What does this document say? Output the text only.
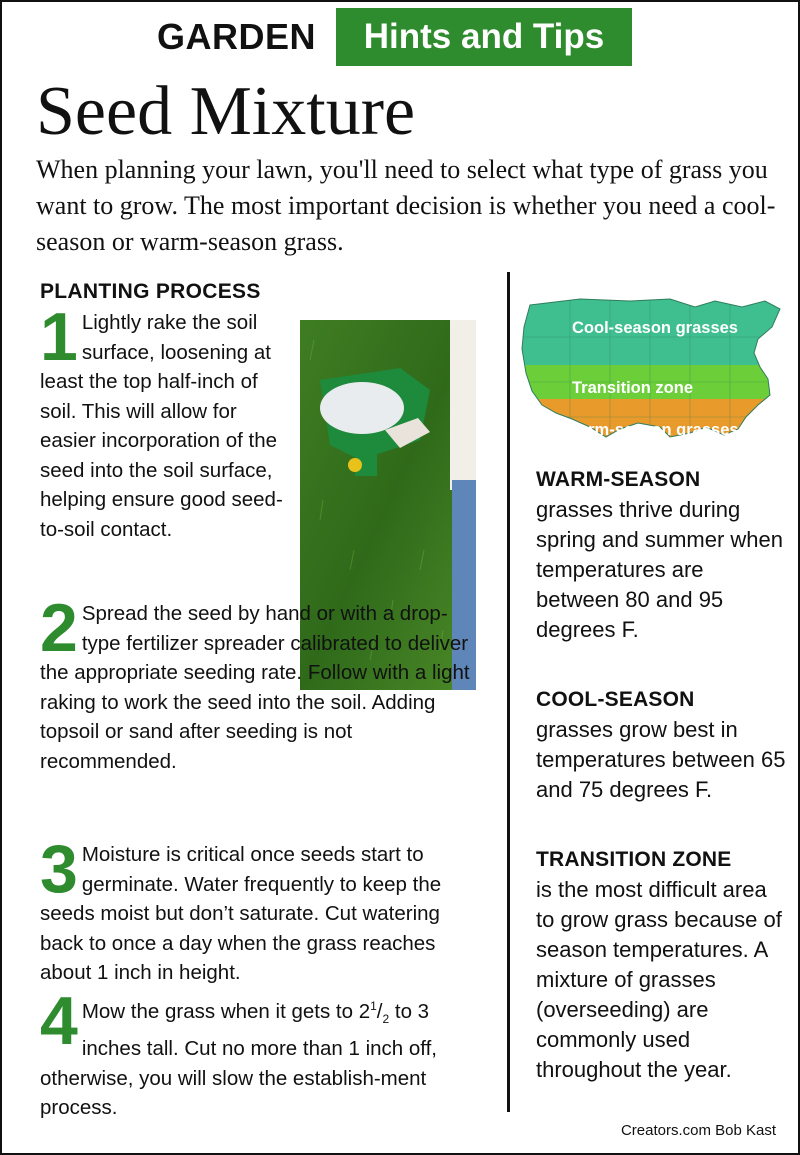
GARDEN	Hints and Tips
Seed Mixture

When planning your lawn, you'll need to select what type of grass you want to grow. The most important decision is whether you need a cool-season or warm-season grass.

PLANTING PROCESS
1 Lightly rake the soil surface, loosening at least the top half-inch of soil. This will allow for easier incorporation of the seed into the soil surface, helping ensure good seed-to-soil contact.
2 Spread the seed by hand or with a drop-type fertilizer spreader calibrated to deliver the appropriate seeding rate. Follow with a light raking to work the seed into the soil. Adding topsoil or sand after seeding is not recommended.
3 Moisture is critical once seeds start to germinate. Water frequently to keep the seeds moist but don’t saturate. Cut watering back to once a day when the grass reaches about 1 inch in height.
4 Mow the grass when it gets to $2^1/_2$ to 3 inches tall. Cut no more than 1 inch off, otherwise, you will slow the establish-ment process.
Cool-season grasses
Transition zone
Warm-season grasses
WARM-SEASON
grasses thrive during spring and summer when temperatures are between 80 and 95 degrees F.
COOL-SEASON
grasses grow best in temperatures between 65 and 75 degrees F.
TRANSITION ZONE
is the most difficult area to grow grass because of season temperatures. A mixture of grasses (overseeding) are commonly used throughout the year.
Creators.com Bob Kast
